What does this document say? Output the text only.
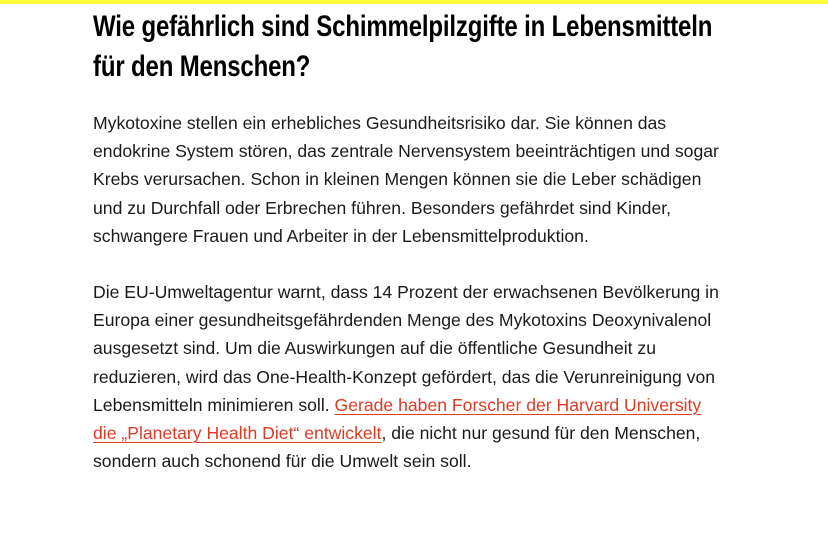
Wie gefährlich sind Schimmelpilzgifte in Lebensmitteln für den Menschen?

Mykotoxine stellen ein erhebliches Gesundheitsrisiko dar. Sie können das endokrine System stören, das zentrale Nervensystem beeinträchtigen und sogar Krebs verursachen. Schon in kleinen Mengen können sie die Leber schädigen und zu Durchfall oder Erbrechen führen. Besonders gefährdet sind Kinder, schwangere Frauen und Arbeiter in der Lebensmittelproduktion.

Die EU-Umweltagentur warnt, dass 14 Prozent der erwachsenen Bevölkerung in Europa einer gesundheitsgefährdenden Menge des Mykotoxins Deoxynivalenol ausgesetzt sind. Um die Auswirkungen auf die öffentliche Gesundheit zu reduzieren, wird das One-Health-Konzept gefördert, das die Verunreinigung von Lebensmitteln minimieren soll. Gerade haben Forscher der Harvard University die „Planetary Health Diet“ entwickelt, die nicht nur gesund für den Menschen, sondern auch schonend für die Umwelt sein soll.
